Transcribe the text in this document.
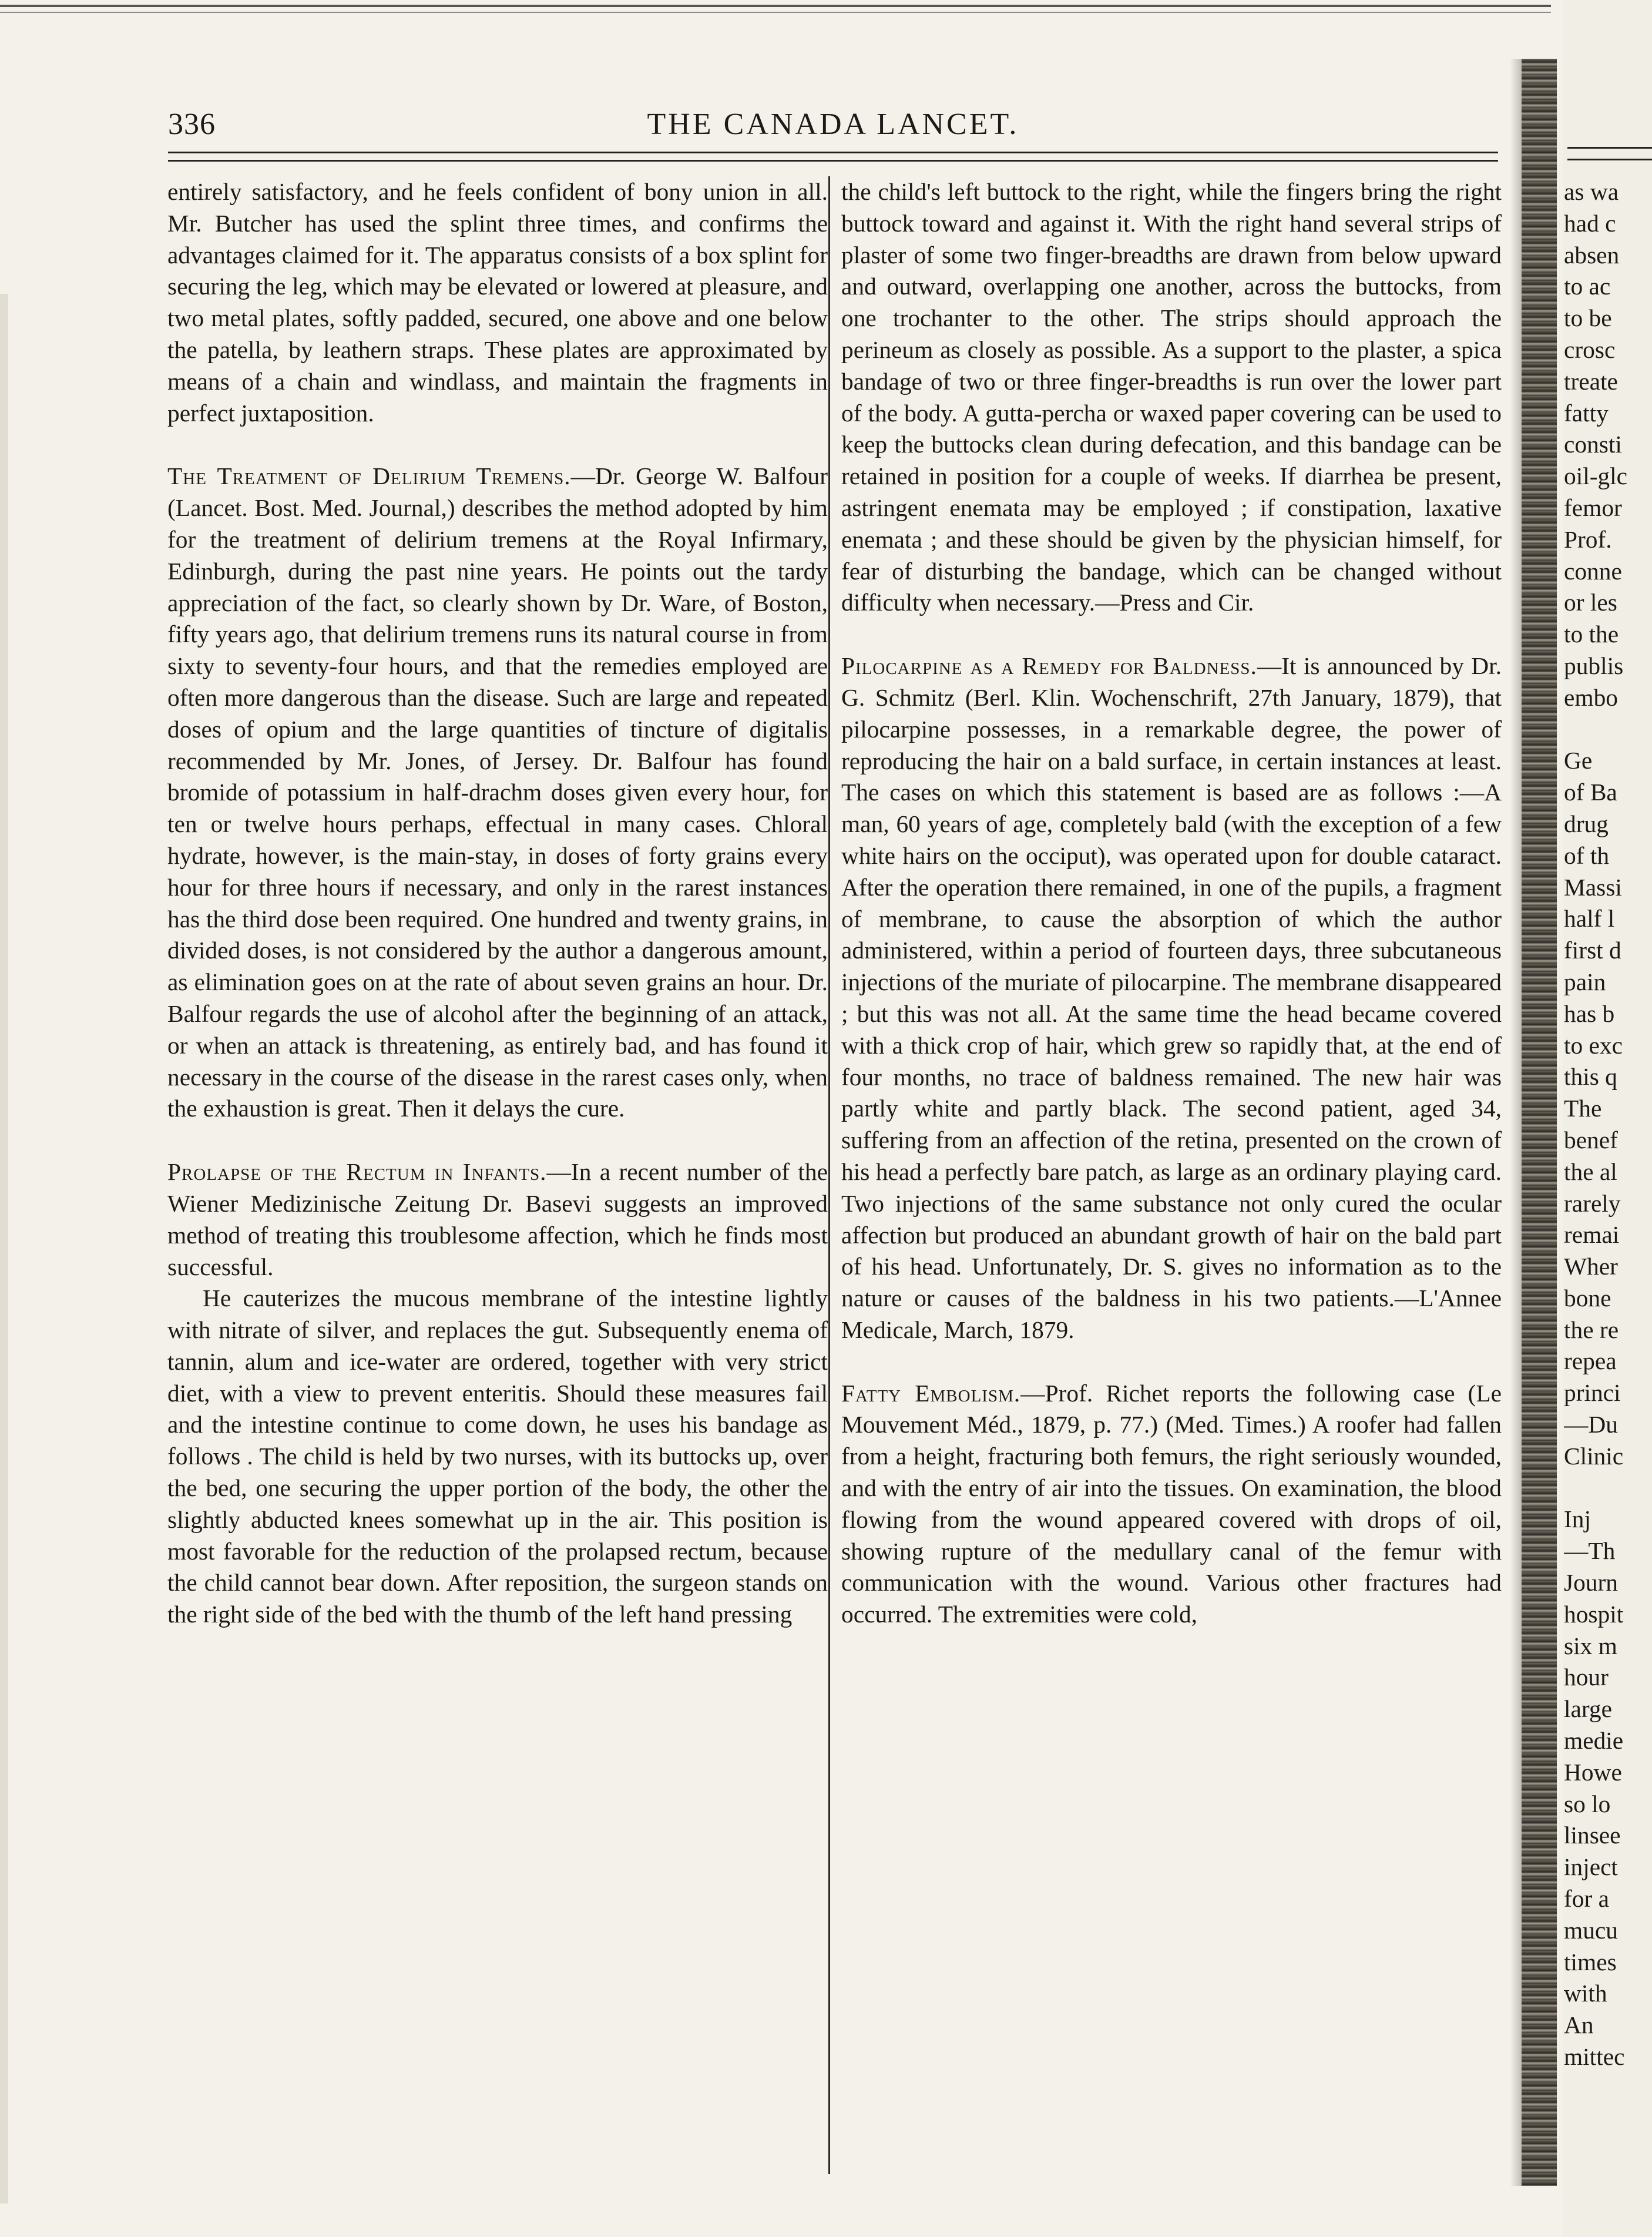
336	THE CANADA LANCET.

entirely satisfactory, and he feels confident of bony union in all. Mr. Butcher has used the splint three times, and confirms the advantages claimed for it. The apparatus consists of a box splint for securing the leg, which may be elevated or lowered at pleasure, and two metal plates, softly padded, secured, one above and one below the patella, by leathern straps. These plates are approximated by means of a chain and windlass, and maintain the fragments in perfect juxtaposition.

The Treatment of Delirium Tremens.—Dr. George W. Balfour (Lancet. Bost. Med. Journal,) describes the method adopted by him for the treatment of delirium tremens at the Royal Infirmary, Edinburgh, during the past nine years. He points out the tardy appreciation of the fact, so clearly shown by Dr. Ware, of Boston, fifty years ago, that delirium tremens runs its natural course in from sixty to seventy-four hours, and that the remedies employed are often more dangerous than the disease. Such are large and repeated doses of opium and the large quantities of tincture of digitalis recommended by Mr. Jones, of Jersey. Dr. Balfour has found bromide of potassium in half-drachm doses given every hour, for ten or twelve hours perhaps, effectual in many cases. Chloral hydrate, however, is the main-stay, in doses of forty grains every hour for three hours if necessary, and only in the rarest instances has the third dose been required. One hundred and twenty grains, in divided doses, is not considered by the author a dangerous amount, as elimination goes on at the rate of about seven grains an hour. Dr. Balfour regards the use of alcohol after the beginning of an attack, or when an attack is threatening, as entirely bad, and has found it necessary in the course of the disease in the rarest cases only, when the exhaustion is great. Then it delays the cure.

Prolapse of the Rectum in Infants.—In a recent number of the Wiener Medizinische Zeitung Dr. Basevi suggests an improved method of treating this troublesome affection, which he finds most successful.

He cauterizes the mucous membrane of the intestine lightly with nitrate of silver, and replaces the gut. Subsequently enema of tannin, alum and ice-water are ordered, together with very strict diet, with a view to prevent enteritis. Should these measures fail and the intestine continue to come down, he uses his bandage as follows . The child is held by two nurses, with its buttocks up, over the bed, one securing the upper portion of the body, the other the slightly abducted knees somewhat up in the air. This position is most favorable for the reduction of the prolapsed rectum, because the child cannot bear down. After reposition, the surgeon stands on the right side of the bed with the thumb of the left hand pressing

the child's left buttock to the right, while the fingers bring the right buttock toward and against it. With the right hand several strips of plaster of some two finger-breadths are drawn from below upward and outward, overlapping one another, across the buttocks, from one trochanter to the other. The strips should approach the perineum as closely as possible. As a support to the plaster, a spica bandage of two or three finger-breadths is run over the lower part of the body. A gutta-percha or waxed paper covering can be used to keep the buttocks clean during defecation, and this bandage can be retained in position for a couple of weeks. If diarrhea be present, astringent enemata may be employed ; if constipation, laxative enemata ; and these should be given by the physician himself, for fear of disturbing the bandage, which can be changed without difficulty when necessary.—Press and Cir.

Pilocarpine as a Remedy for Baldness.—It is announced by Dr. G. Schmitz (Berl. Klin. Wochenschrift, 27th January, 1879), that pilocarpine possesses, in a remarkable degree, the power of reproducing the hair on a bald surface, in certain instances at least. The cases on which this statement is based are as follows :—A man, 60 years of age, completely bald (with the exception of a few white hairs on the occiput), was operated upon for double cataract. After the operation there remained, in one of the pupils, a fragment of membrane, to cause the absorption of which the author administered, within a period of fourteen days, three subcutaneous injections of the muriate of pilocarpine. The membrane disappeared ; but this was not all. At the same time the head became covered with a thick crop of hair, which grew so rapidly that, at the end of four months, no trace of baldness remained. The new hair was partly white and partly black. The second patient, aged 34, suffering from an affection of the retina, presented on the crown of his head a perfectly bare patch, as large as an ordinary playing card. Two injections of the same substance not only cured the ocular affection but produced an abundant growth of hair on the bald part of his head. Unfortunately, Dr. S. gives no information as to the nature or causes of the baldness in his two patients.—L'Annee Medicale, March, 1879.

Fatty Embolism.—Prof. Richet reports the following case (Le Mouvement Méd., 1879, p. 77.) (Med. Times.) A roofer had fallen from a height, fracturing both femurs, the right seriously wounded, and with the entry of air into the tissues. On examination, the blood flowing from the wound appeared covered with drops of oil, showing rupture of the medullary canal of the femur with communication with the wound. Various other fractures had occurred. The extremities were cold,

as wa
had c
absen
to ac
to be
crosc
treate
fatty
consti
oil-glc
femor
Prof.
conne
or les
to the
publis
embo
Ge
of Ba
drug
of th
Massi
half l
first d
pain
has b
to exc
this q
The
benef
the al
rarely
remai
Wher
bone
the re
repea
princi
—Du
Clinic
Inj
—Th
Journ
hospit
six m
hour
large
medie
Howe
so lo
linsee
inject
for a
mucu
times
with
An
mittec
